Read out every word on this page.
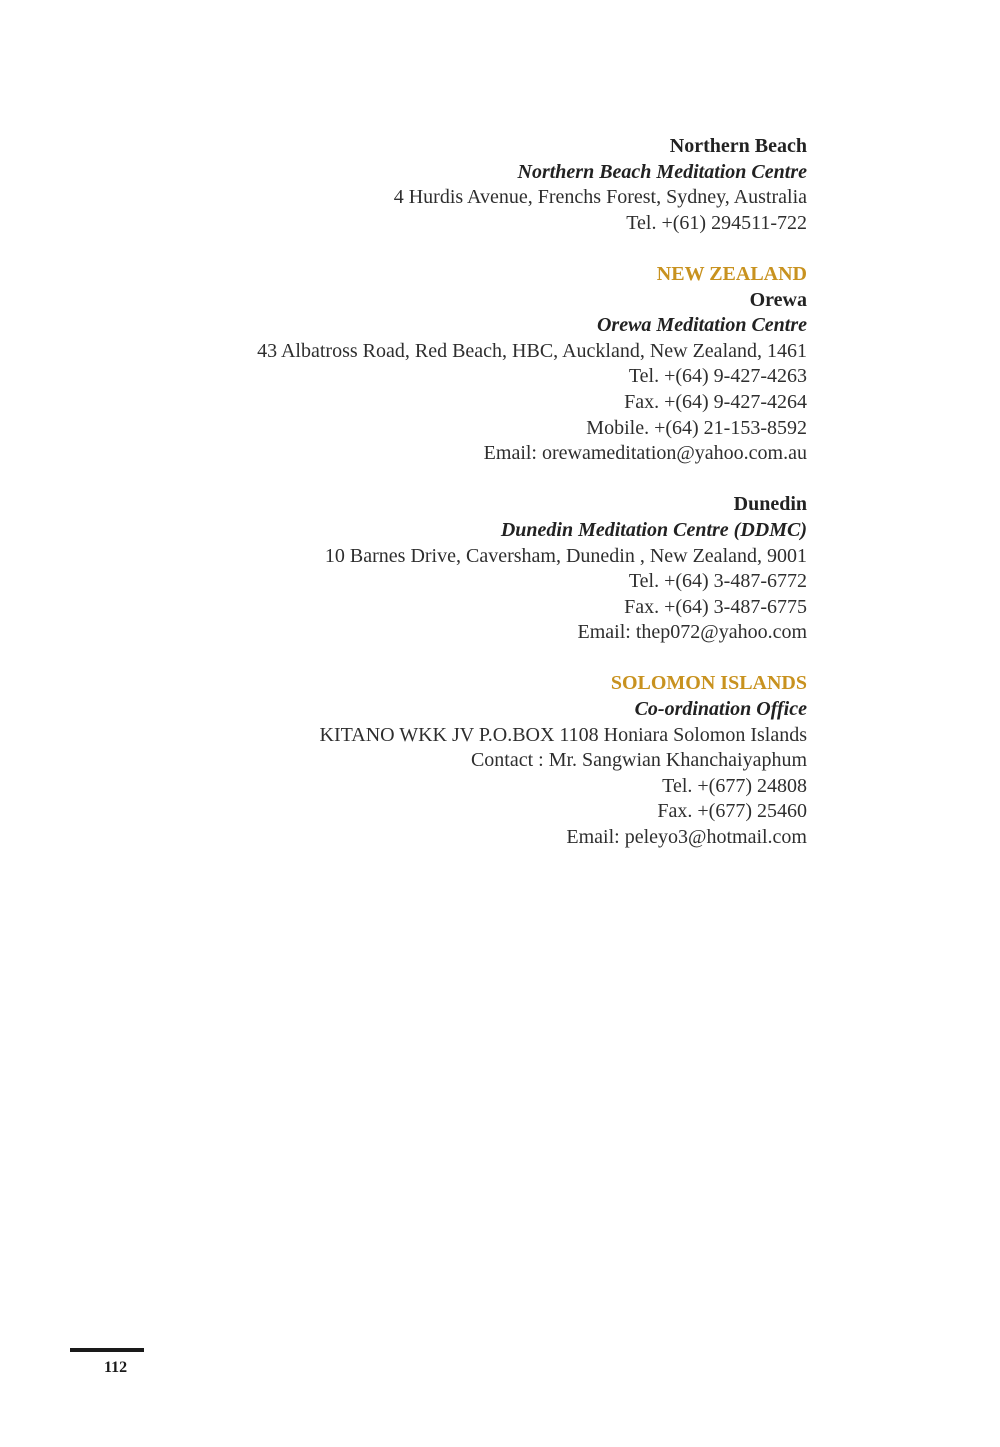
Northern Beach
Northern Beach Meditation Centre
4 Hurdis Avenue, Frenchs Forest, Sydney, Australia
Tel. +(61) 294511-722
NEW ZEALAND
Orewa
Orewa Meditation Centre
43 Albatross Road, Red Beach, HBC, Auckland, New Zealand, 1461
Tel. +(64) 9-427-4263
Fax. +(64) 9-427-4264
Mobile. +(64) 21-153-8592
Email: orewameditation@yahoo.com.au
Dunedin
Dunedin Meditation Centre (DDMC)
10 Barnes Drive, Caversham, Dunedin , New Zealand, 9001
Tel. +(64) 3-487-6772
Fax. +(64) 3-487-6775
Email: thep072@yahoo.com
SOLOMON ISLANDS
Co-ordination Office
KITANO WKK JV P.O.BOX 1108 Honiara Solomon Islands
Contact : Mr. Sangwian Khanchaiyaphum
Tel. +(677) 24808
Fax. +(677) 25460
Email: peleyo3@hotmail.com
112
